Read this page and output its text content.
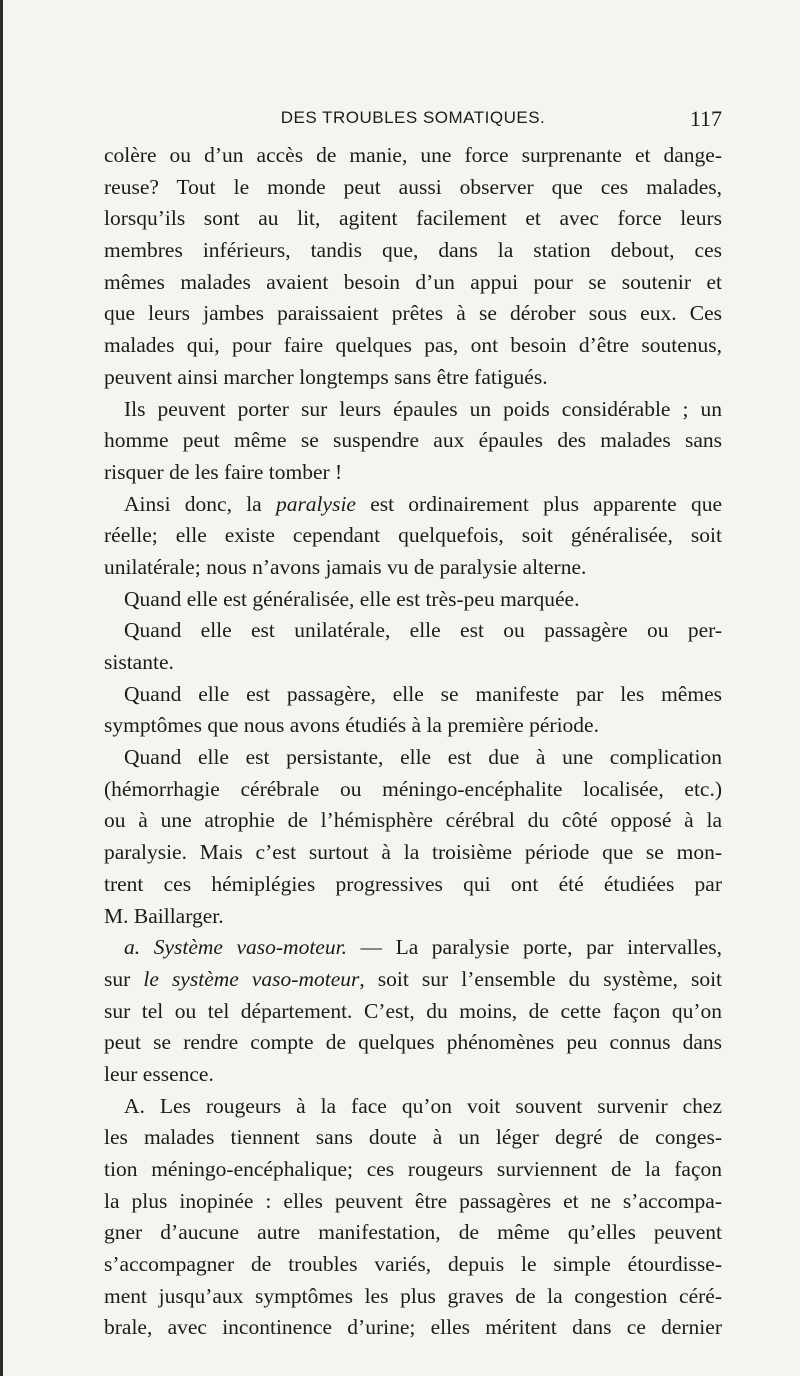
DES TROUBLES SOMATIQUES.	117
colère ou d’un accès de manie, une force surprenante et dange-
reuse? Tout le monde peut aussi observer que ces malades,
lorsqu’ils sont au lit, agitent facilement et avec force leurs
membres inférieurs, tandis que, dans la station debout, ces
mêmes malades avaient besoin d’un appui pour se soutenir et
que leurs jambes paraissaient prêtes à se dérober sous eux. Ces
malades qui, pour faire quelques pas, ont besoin d’être soutenus,
peuvent ainsi marcher longtemps sans être fatigués.
Ils peuvent porter sur leurs épaules un poids considérable ; un
homme peut même se suspendre aux épaules des malades sans
risquer de les faire tomber !
Ainsi donc, la paralysie est ordinairement plus apparente que
réelle; elle existe cependant quelquefois, soit généralisée, soit
unilatérale; nous n’avons jamais vu de paralysie alterne.
Quand elle est généralisée, elle est très-peu marquée.
Quand elle est unilatérale, elle est ou passagère ou per-
sistante.
Quand elle est passagère, elle se manifeste par les mêmes
symptômes que nous avons étudiés à la première période.
Quand elle est persistante, elle est due à une complication
(hémorrhagie cérébrale ou méningo-encéphalite localisée, etc.)
ou à une atrophie de l’hémisphère cérébral du côté opposé à la
paralysie. Mais c’est surtout à la troisième période que se mon-
trent ces hémiplégies progressives qui ont été étudiées par
M. Baillarger.
a. Système vaso-moteur. — La paralysie porte, par intervalles,
sur le système vaso-moteur, soit sur l’ensemble du système, soit
sur tel ou tel département. C’est, du moins, de cette façon qu’on
peut se rendre compte de quelques phénomènes peu connus dans
leur essence.
A. Les rougeurs à la face qu’on voit souvent survenir chez
les malades tiennent sans doute à un léger degré de conges-
tion méningo-encéphalique; ces rougeurs surviennent de la façon
la plus inopinée : elles peuvent être passagères et ne s’accompa-
gner d’aucune autre manifestation, de même qu’elles peuvent
s’accompagner de troubles variés, depuis le simple étourdisse-
ment jusqu’aux symptômes les plus graves de la congestion céré-
brale, avec incontinence d’urine; elles méritent dans ce dernier
